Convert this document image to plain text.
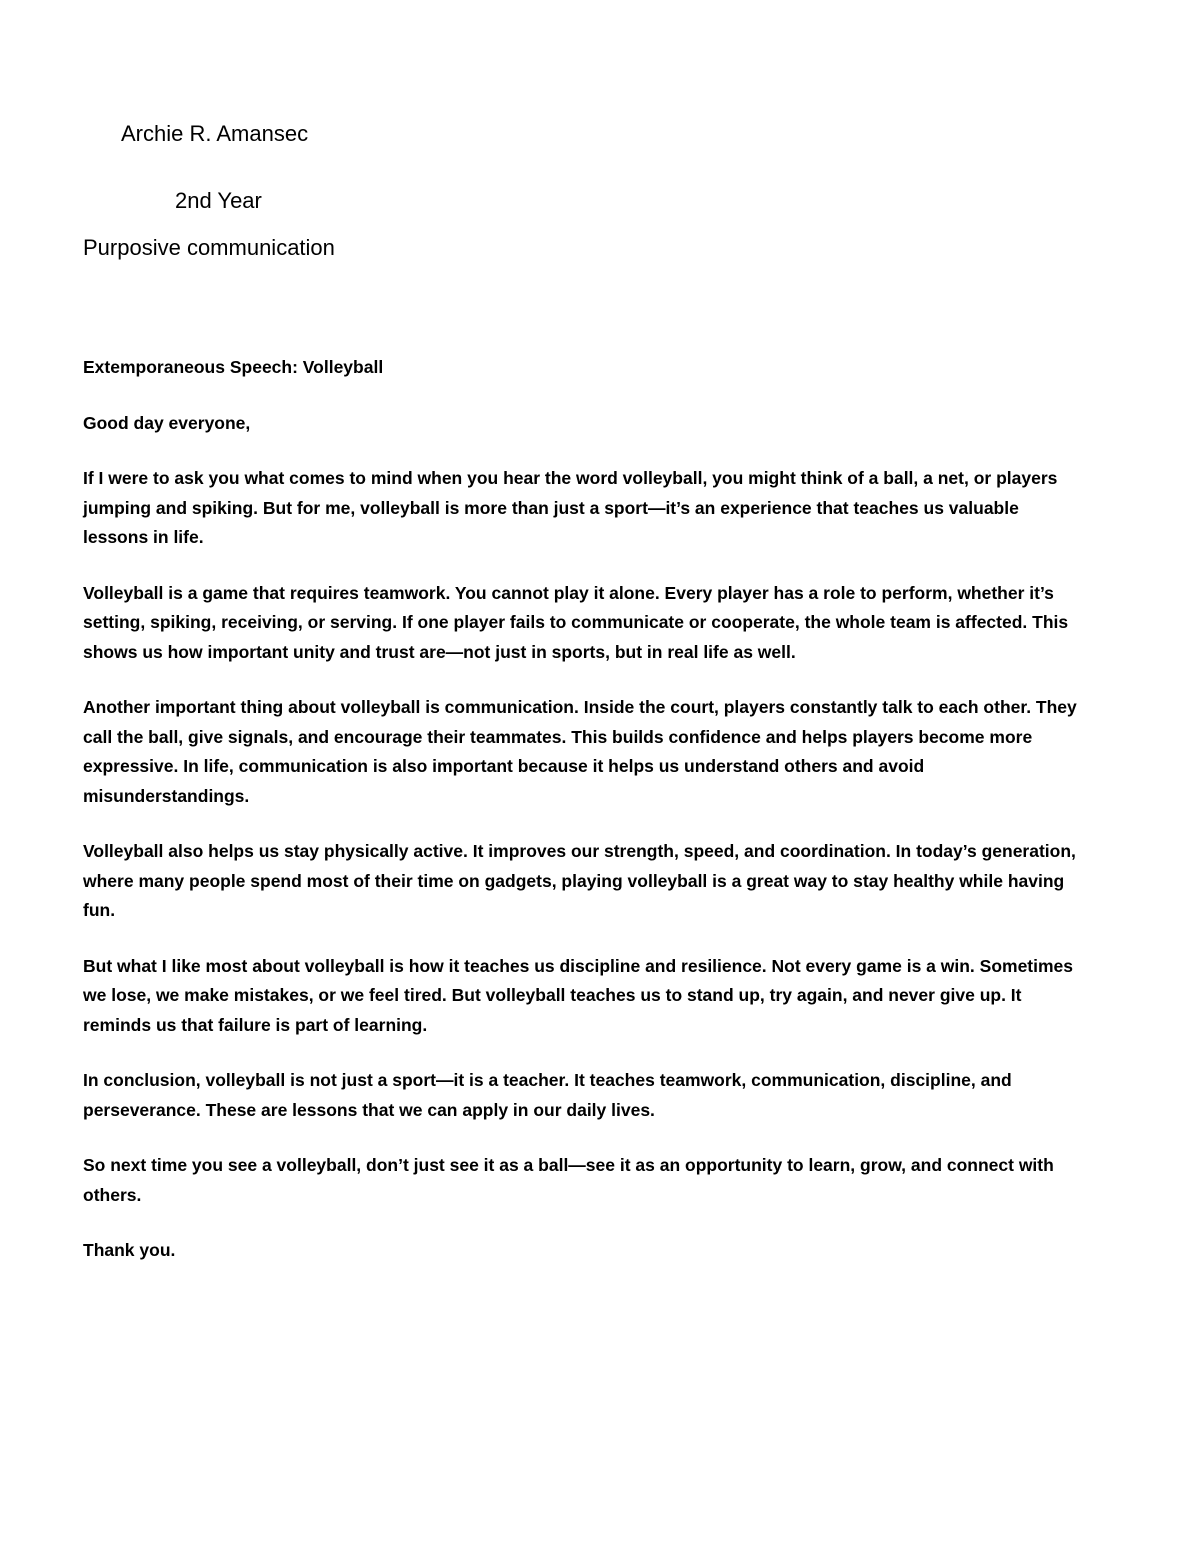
Archie R. Amansec
2nd Year
Purposive communication

Extemporaneous Speech: Volleyball

Good day everyone,

If I were to ask you what comes to mind when you hear the word volleyball, you might think of a ball, a net, or players jumping and spiking. But for me, volleyball is more than just a sport—it’s an experience that teaches us valuable lessons in life.

Volleyball is a game that requires teamwork. You cannot play it alone. Every player has a role to perform, whether it’s setting, spiking, receiving, or serving. If one player fails to communicate or cooperate, the whole team is affected. This shows us how important unity and trust are—not just in sports, but in real life as well.

Another important thing about volleyball is communication. Inside the court, players constantly talk to each other. They call the ball, give signals, and encourage their teammates. This builds confidence and helps players become more expressive. In life, communication is also important because it helps us understand others and avoid misunderstandings.

Volleyball also helps us stay physically active. It improves our strength, speed, and coordination. In today’s generation, where many people spend most of their time on gadgets, playing volleyball is a great way to stay healthy while having fun.

But what I like most about volleyball is how it teaches us discipline and resilience. Not every game is a win. Sometimes we lose, we make mistakes, or we feel tired. But volleyball teaches us to stand up, try again, and never give up. It reminds us that failure is part of learning.

In conclusion, volleyball is not just a sport—it is a teacher. It teaches teamwork, communication, discipline, and perseverance. These are lessons that we can apply in our daily lives.

So next time you see a volleyball, don’t just see it as a ball—see it as an opportunity to learn, grow, and connect with others.

Thank you.
